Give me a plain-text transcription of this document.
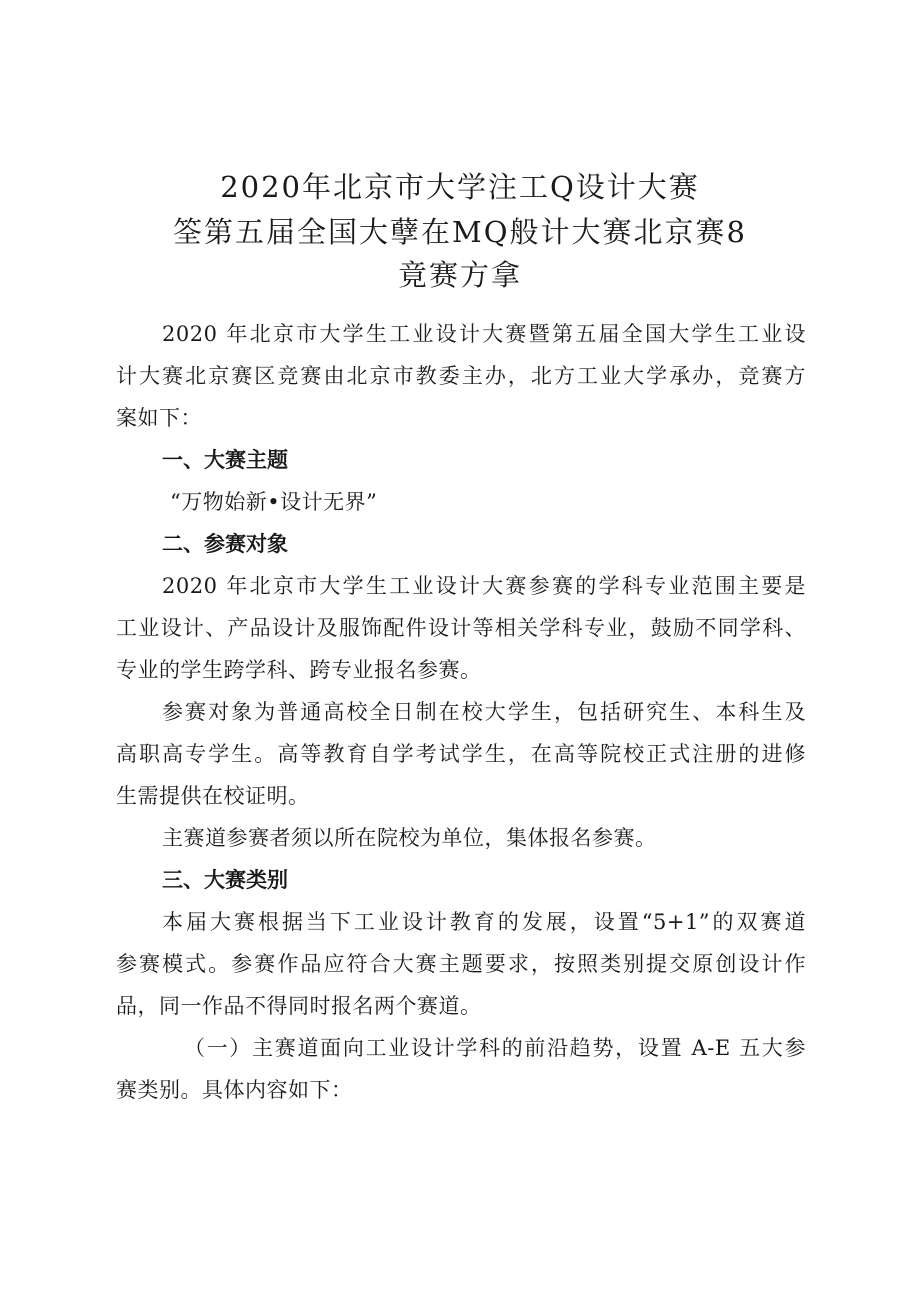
2020年北京市大学注工Q设计大赛
筌第五届全国大孽在MQ般计大赛北京赛8
竟赛方拿
2020 年北京市大学生工业设计大赛暨第五届全国大学生工业设
计大赛北京赛区竞赛由北京市教委主办，北方工业大学承办，竞赛方
案如下：
一、大赛主题
“万物始新•设计无界”
二、参赛对象
2020 年北京市大学生工业设计大赛参赛的学科专业范围主要是
工业设计、产品设计及服饰配件设计等相关学科专业，鼓励不同学科、
专业的学生跨学科、跨专业报名参赛。
参赛对象为普通高校全日制在校大学生，包括研究生、本科生及
高职高专学生。高等教育自学考试学生，在高等院校正式注册的进修
生需提供在校证明。
主赛道参赛者须以所在院校为单位，集体报名参赛。
三、大赛类别
本届大赛根据当下工业设计教育的发展，设置“5+1”的双赛道
参赛模式。参赛作品应符合大赛主题要求，按照类别提交原创设计作
品，同一作品不得同时报名两个赛道。
（一）主赛道面向工业设计学科的前沿趋势，设置 A-E 五大参
赛类别。具体内容如下：
